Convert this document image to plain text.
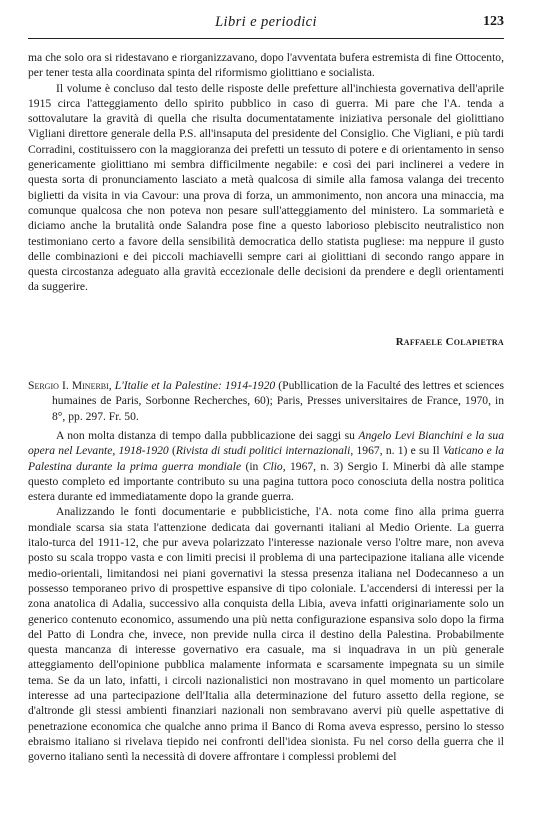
Libri e periodici	123

ma che solo ora si ridestavano e riorganizzavano, dopo l'avventata bufera estremista di fine Ottocento, per tener testa alla coordinata spinta del riformismo giolittiano e socialista.

Il volume è concluso dal testo delle risposte delle prefetture all'inchiesta governativa dell'aprile 1915 circa l'atteggiamento dello spirito pubblico in caso di guerra. Mi pare che l'A. tenda a sottovalutare la gravità di quella che risulta documentatamente iniziativa personale del giolittiano Vigliani direttore generale della P.S. all'insaputa del presidente del Consiglio. Che Vigliani, e più tardi Corradini, costituissero con la maggioranza dei prefetti un tessuto di potere e di orientamento in senso genericamente giolittiano mi sembra difficilmente negabile: e così dei pari inclinerei a vedere in questa sorta di pronunciamento lasciato a metà qualcosa di simile alla famosa valanga dei trecento biglietti da visita in via Cavour: una prova di forza, un ammonimento, non ancora una minaccia, ma comunque qualcosa che non poteva non pesare sull'atteggiamento del ministero. La sommarietà e diciamo anche la brutalità onde Salandra pose fine a questo laborioso plebiscito neutralistico non testimoniano certo a favore della sensibilità democratica dello statista pugliese: ma neppure il gusto delle combinazioni e dei piccoli machiavelli sempre cari ai giolittiani di secondo rango appare in questa circostanza adeguato alla gravità eccezionale delle decisioni da prendere e degli orientamenti da suggerire.

Raffaele Colapietra

Sergio I. Minerbi, L'Italie et la Palestine: 1914-1920 (Publlication de la Faculté des lettres et sciences humaines de Paris, Sorbonne Recherches, 60); Paris, Presses universitaires de France, 1970, in 8°, pp. 297. Fr. 50.

A non molta distanza di tempo dalla pubblicazione dei saggi su Angelo Levi Bianchini e la sua opera nel Levante, 1918-1920 (Rivista di studi politici internazionali, 1967, n. 1) e su Il Vaticano e la Palestina durante la prima guerra mondiale (in Clio, 1967, n. 3) Sergio I. Minerbi dà alle stampe questo completo ed importante contributo su una pagina tuttora poco conosciuta della nostra politica estera durante ed immediatamente dopo la grande guerra.

Analizzando le fonti documentarie e pubblicistiche, l'A. nota come fino alla prima guerra mondiale scarsa sia stata l'attenzione dedicata dai governanti italiani al Medio Oriente. La guerra italo-turca del 1911-12, che pur aveva polarizzato l'interesse nazionale verso l'oltre mare, non aveva posto su scala troppo vasta e con limiti precisi il problema di una partecipazione italiana alle vicende medio-orientali, limitandosi nei piani governativi la stessa presenza italiana nel Dodecanneso a un possesso temporaneo privo di prospettive espansive di tipo coloniale. L'accendersi di interessi per la zona anatolica di Adalia, successivo alla conquista della Libia, aveva infatti originariamente solo un generico contenuto economico, assumendo una più netta configurazione espansiva solo dopo la firma del Patto di Londra che, invece, non previde nulla circa il destino della Palestina. Probabilmente questa mancanza di interesse governativo era casuale, ma si inquadrava in un più generale atteggiamento dell'opinione pubblica malamente informata e scarsamente impegnata su un simile tema. Se da un lato, infatti, i circoli nazionalistici non mostravano in quel momento un particolare interesse ad una partecipazione dell'Italia alla determinazione del futuro assetto della regione, se d'altronde gli stessi ambienti finanziari nazionali non sembravano avervi più quelle aspettative di penetrazione economica che qualche anno prima il Banco di Roma aveva espresso, persino lo stesso ebraismo italiano si rivelava tiepido nei confronti dell'idea sionista. Fu nel corso della guerra che il governo italiano sentì la necessità di dovere affrontare i complessi problemi del
